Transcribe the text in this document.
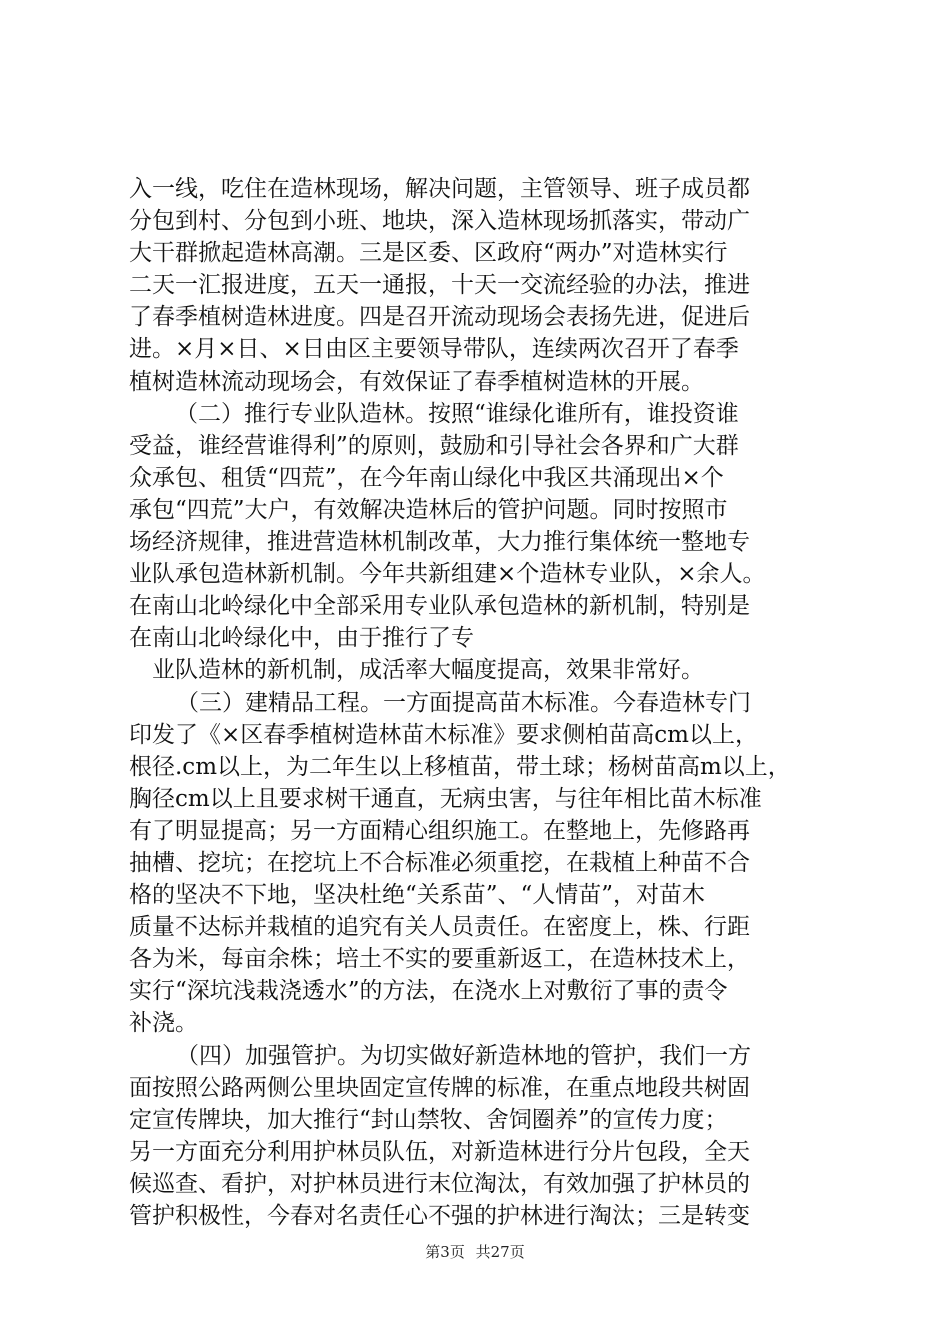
入一线，吃住在造林现场，解决问题，主管领导、班子成员都
分包到村、分包到小班、地块，深入造林现场抓落实，带动广
大干群掀起造林高潮。三是区委、区政府“两办”对造林实行
二天一汇报进度，五天一通报，十天一交流经验的办法，推进
了春季植树造林进度。四是召开流动现场会表扬先进，促进后
进。×月×日、×日由区主要领导带队，连续两次召开了春季
植树造林流动现场会，有效保证了春季植树造林的开展。
（二）推行专业队造林。按照“谁绿化谁所有，谁投资谁
受益，谁经营谁得利”的原则，鼓励和引导社会各界和广大群
众承包、租赁“四荒”，在今年南山绿化中我区共涌现出×个
承包“四荒”大户，有效解决造林后的管护问题。同时按照市
场经济规律，推进营造林机制改革，大力推行集体统一整地专
业队承包造林新机制。今年共新组建×个造林专业队，×余人。
在南山北岭绿化中全部采用专业队承包造林的新机制，特别是
在南山北岭绿化中，由于推行了专
业队造林的新机制，成活率大幅度提高，效果非常好。
（三）建精品工程。一方面提高苗木标准。今春造林专门
印发了《×区春季植树造林苗木标准》要求侧柏苗高cm以上，
根径.cm以上，为二年生以上移植苗，带土球；杨树苗高m以上，
胸径cm以上且要求树干通直，无病虫害，与往年相比苗木标准
有了明显提高；另一方面精心组织施工。在整地上，先修路再
抽槽、挖坑；在挖坑上不合标准必须重挖，在栽植上种苗不合
格的坚决不下地，坚决杜绝“关系苗”、“人情苗”，对苗木
质量不达标并栽植的追究有关人员责任。在密度上，株、行距
各为米，每亩余株；培土不实的要重新返工，在造林技术上，
实行“深坑浅栽浇透水”的方法，在浇水上对敷衍了事的责令
补浇。
（四）加强管护。为切实做好新造林地的管护，我们一方
面按照公路两侧公里块固定宣传牌的标准，在重点地段共树固
定宣传牌块，加大推行“封山禁牧、舍饲圈养”的宣传力度；
另一方面充分利用护林员队伍，对新造林进行分片包段，全天
候巡查、看护，对护林员进行末位淘汰，有效加强了护林员的
管护积极性，今春对名责任心不强的护林进行淘汰；三是转变
第3页 共27页
